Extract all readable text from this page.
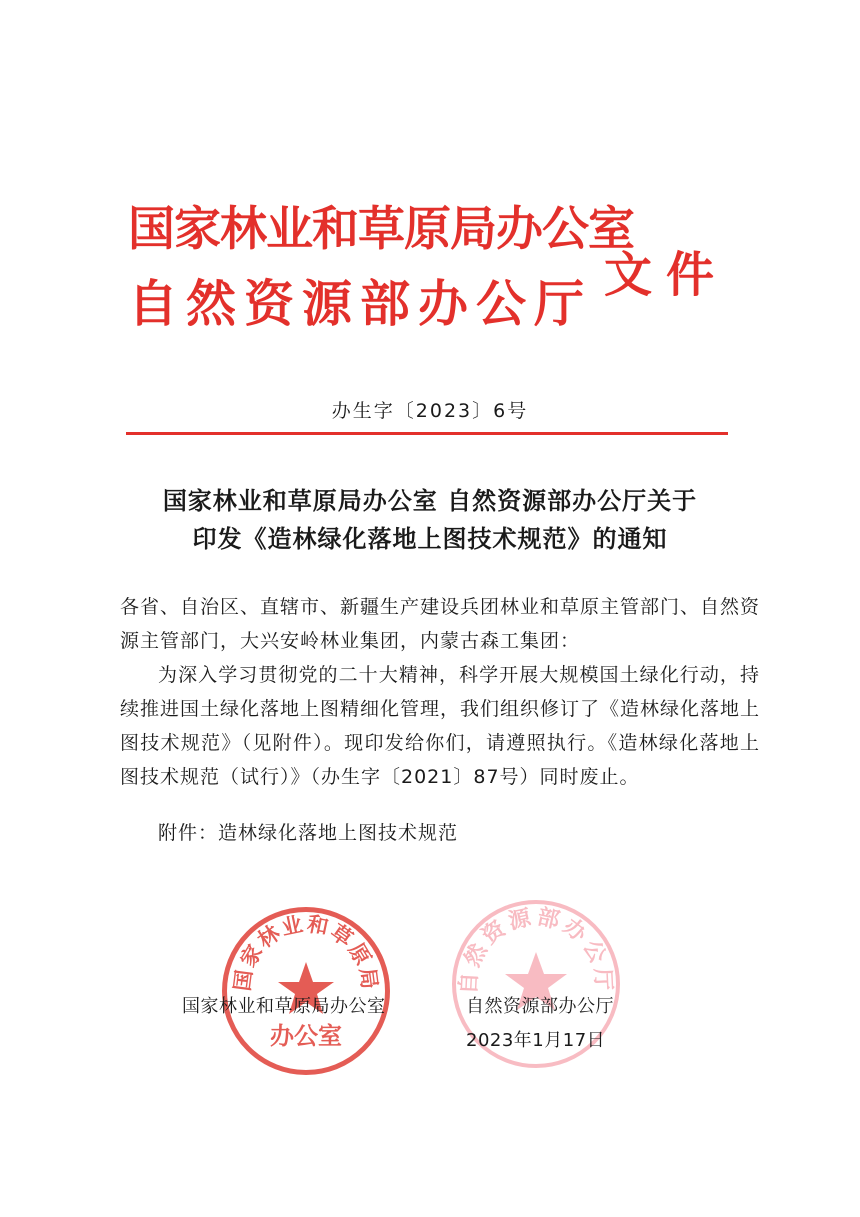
国家林业和草原局办公室
自然资源部办公厅 文件
办生字〔2023〕6号
国家林业和草原局办公室 自然资源部办公厅关于
印发《造林绿化落地上图技术规范》的通知

各省、自治区、直辖市、新疆生产建设兵团林业和草原主管部门、自然资源主管部门，大兴安岭林业集团，内蒙古森工集团：

为深入学习贯彻党的二十大精神，科学开展大规模国土绿化行动，持续推进国土绿化落地上图精细化管理，我们组织修订了《造林绿化落地上图技术规范》（见附件）。现印发给你们，请遵照执行。《造林绿化落地上图技术规范（试行）》（办生字〔2021〕87号）同时废止。

附件：造林绿化落地上图技术规范

国家林业和草原局
办公室
自然资源部办公厅
国家林业和草原局办公室	自然资源部办公厅
2023年1月17日
